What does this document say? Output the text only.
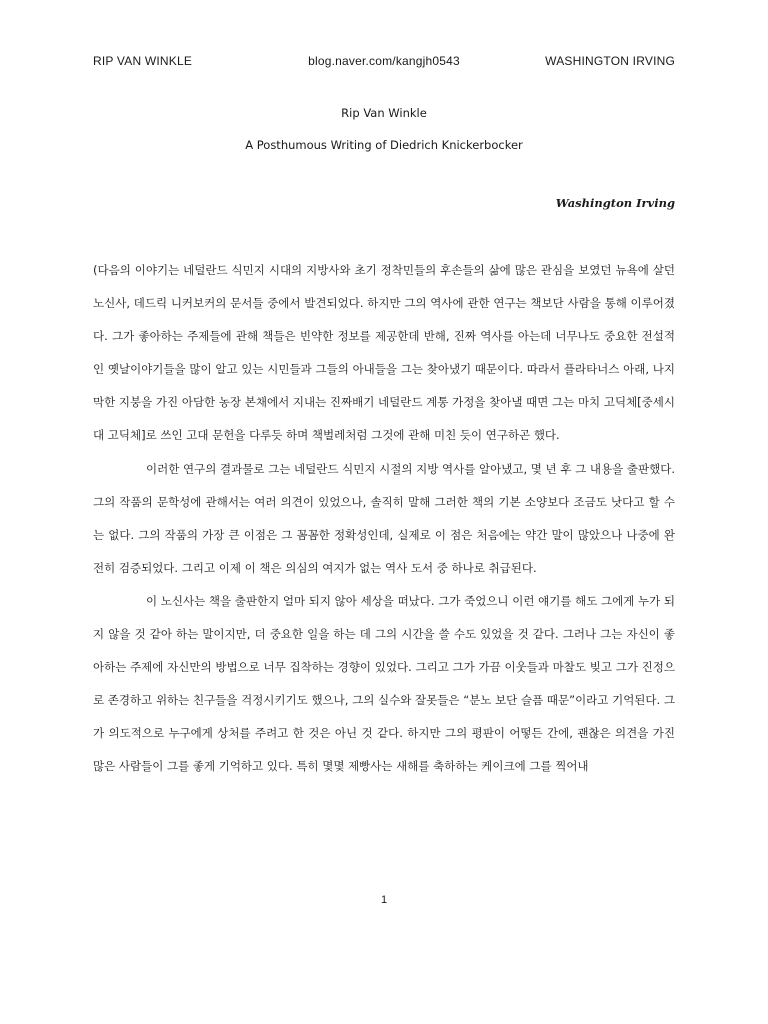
RIP VAN WINKLE	blog.naver.com/kangjh0543	WASHINGTON IRVING
Rip Van Winkle
A Posthumous Writing of Diedrich Knickerbocker
Washington Irving

(다음의 이야기는 네덜란드 식민지 시대의 지방사와 초기 정착민들의 후손들의 삶에 많은 관심을 보였던 뉴욕에 살던 노신사, 데드릭 니커보커의 문서들 중에서 발견되었다. 하지만 그의 역사에 관한 연구는 책보단 사람을 통해 이루어졌다. 그가 좋아하는 주제들에 관해 책들은 빈약한 정보를 제공한데 반해, 진짜 역사를 아는데 너무나도 중요한 전설적인 옛날이야기들을 많이 알고 있는 시민들과 그들의 아내들을 그는 찾아냈기 때문이다. 따라서 플라타너스 아래, 나지막한 지붕을 가진 아담한 농장 본채에서 지내는 진짜배기 네덜란드 계통 가정을 찾아낼 때면 그는 마치 고딕체[중세시대 고딕체]로 쓰인 고대 문헌을 다루듯 하며 책벌레처럼 그것에 관해 미친 듯이 연구하곤 했다.

이러한 연구의 결과물로 그는 네덜란드 식민지 시절의 지방 역사를 알아냈고, 몇 년 후 그 내용을 출판했다. 그의 작품의 문학성에 관해서는 여러 의견이 있었으나, 솔직히 말해 그러한 책의 기본 소양보다 조금도 낫다고 할 수는 없다. 그의 작품의 가장 큰 이점은 그 꼼꼼한 정확성인데, 실제로 이 점은 처음에는 약간 말이 많았으나 나중에 완전히 검증되었다. 그리고 이제 이 책은 의심의 여지가 없는 역사 도서 중 하나로 취급된다.

이 노신사는 책을 출판한지 얼마 되지 않아 세상을 떠났다. 그가 죽었으니 이런 얘기를 해도 그에게 누가 되지 않을 것 같아 하는 말이지만, 더 중요한 일을 하는 데 그의 시간을 쓸 수도 있었을 것 같다. 그러나 그는 자신이 좋아하는 주제에 자신만의 방법으로 너무 집착하는 경향이 있었다. 그리고 그가 가끔 이웃들과 마찰도 빚고 그가 진정으로 존경하고 위하는 친구들을 걱정시키기도 했으나, 그의 실수와 잘못들은 “분노 보단 슬픔 때문”이라고 기억된다. 그가 의도적으로 누구에게 상처를 주려고 한 것은 아닌 것 같다. 하지만 그의 평판이 어떻든 간에, 괜찮은 의견을 가진 많은 사람들이 그를 좋게 기억하고 있다. 특히 몇몇 제빵사는 새해를 축하하는 케이크에 그를 찍어내

1
